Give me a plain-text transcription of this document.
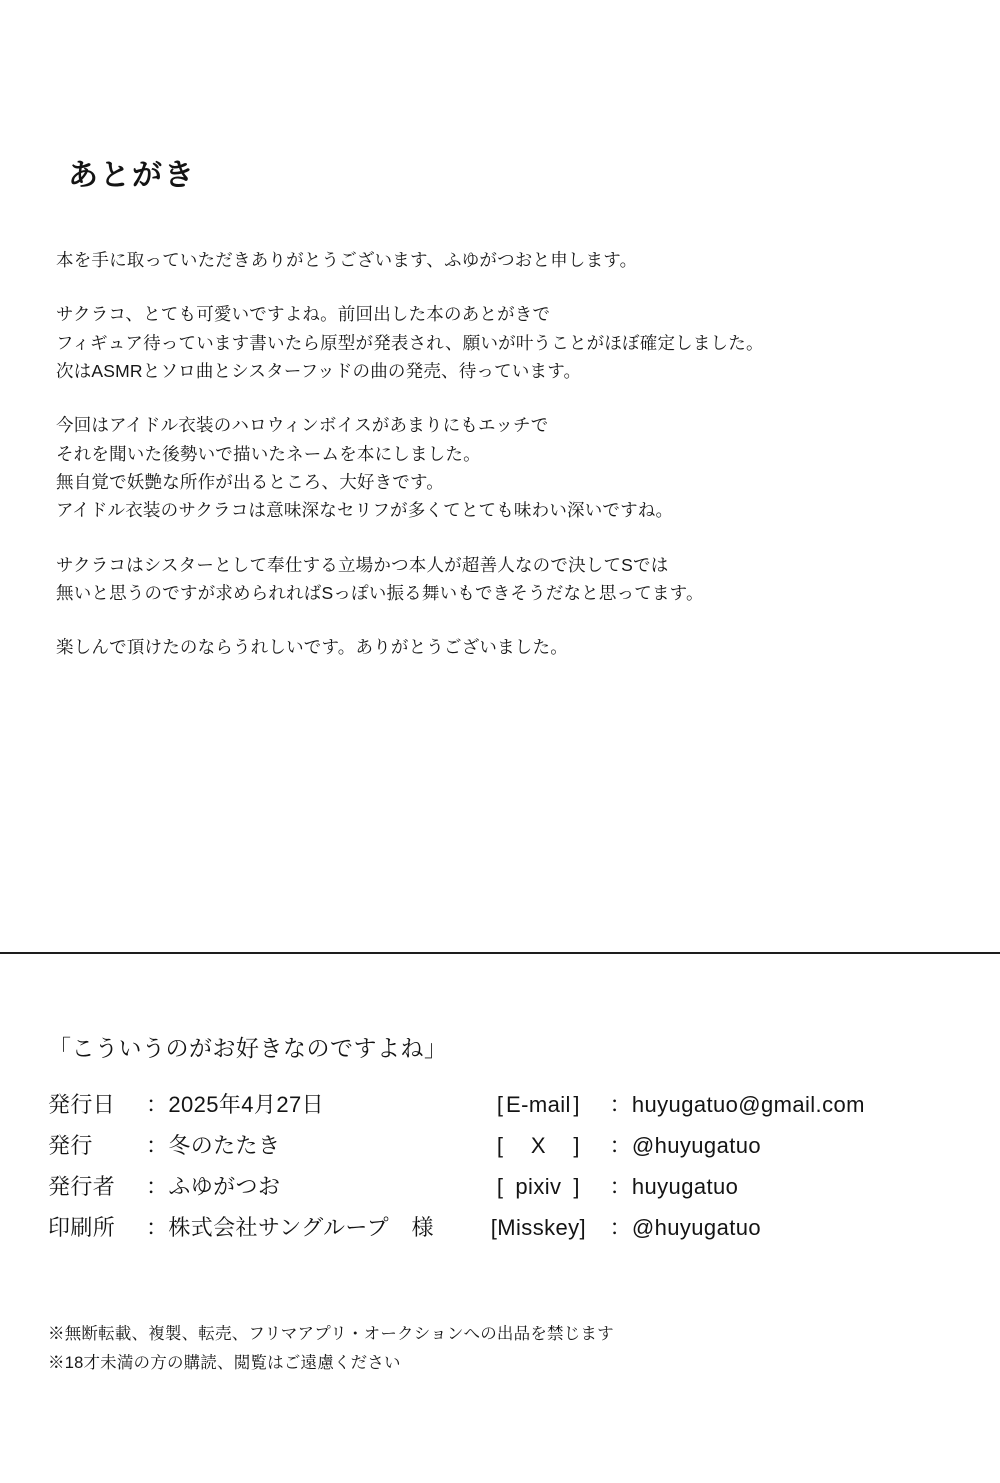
あとがき
本を手に取っていただきありがとうございます、ふゆがつおと申します。
サクラコ、とても可愛いですよね。前回出した本のあとがきで
フィギュア待っています書いたら原型が発表され、願いが叶うことがほぼ確定しました。
次はASMRとソロ曲とシスターフッドの曲の発売、待っています。
今回はアイドル衣装のハロウィンボイスがあまりにもエッチで
それを聞いた後勢いで描いたネームを本にしました。
無自覚で妖艶な所作が出るところ、大好きです。
アイドル衣装のサクラコは意味深なセリフが多くてとても味わい深いですね。
サクラコはシスターとして奉仕する立場かつ本人が超善人なので決してSでは
無いと思うのですが求められればSっぽい振る舞いもできそうだなと思ってます。
楽しんで頂けたのならうれしいです。ありがとうございました。
「こういうのがお好きなのですよね」
発行日	：	2025年4月27日	[ E-mail ]	：	huyugatuo@gmail.com
発行	：	冬のたたき	[ X ]	：	@huyugatuo
発行者	：	ふゆがつお	[ pixiv ]	：	huyugatuo
印刷所	：	株式会社サングループ　様	[Misskey]	：	@huyugatuo
※無断転載、複製、転売、フリマアプリ・オークションへの出品を禁じます
※18才未満の方の購読、閲覧はご遠慮ください
